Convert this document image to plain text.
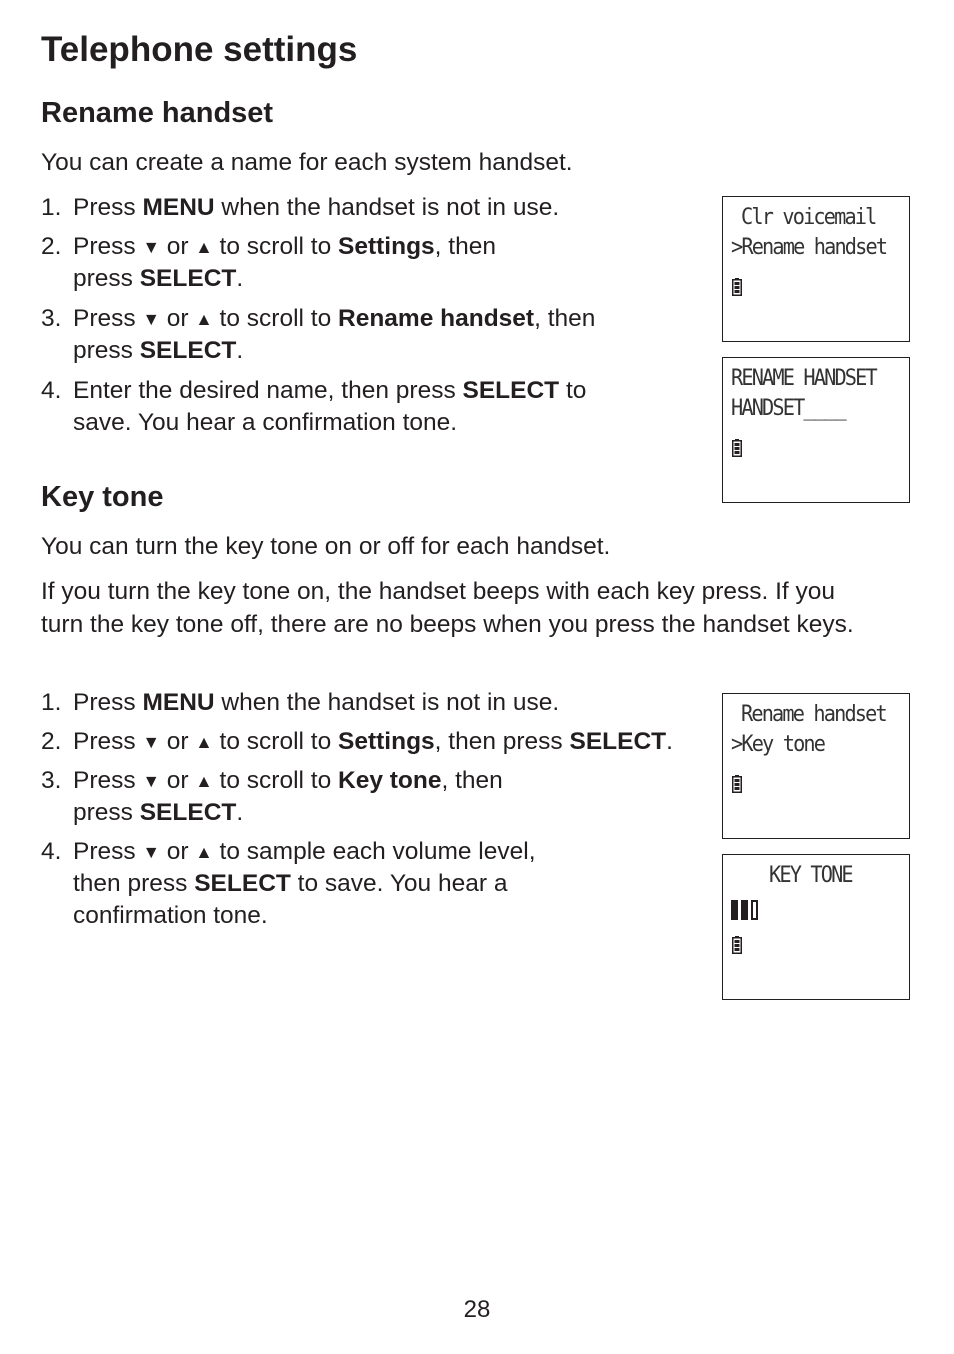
Telephone settings
Rename handset

You can create a name for each system handset.

1. Press MENU when the handset is not in use.
2. Press ▼ or ▲ to scroll to Settings, then
press SELECT.
3. Press ▼ or ▲ to scroll to Rename handset, then
press SELECT.
4. Enter the desired name, then press SELECT to
save. You hear a confirmation tone.
Clr voicemail
>Rename handset
RENAME HANDSET
HANDSET____
Key tone

You can turn the key tone on or off for each handset.

If you turn the key tone on, the handset beeps with each key press. If you turn the key tone off, there are no beeps when you press the handset keys.

1. Press MENU when the handset is not in use.
2. Press ▼ or ▲ to scroll to Settings, then press SELECT.
3. Press ▼ or ▲ to scroll to Key tone, then
press SELECT.
4. Press ▼ or ▲ to sample each volume level,
then press SELECT to save. You hear a
confirmation tone.
Rename handset
>Key tone
KEY TONE
28
